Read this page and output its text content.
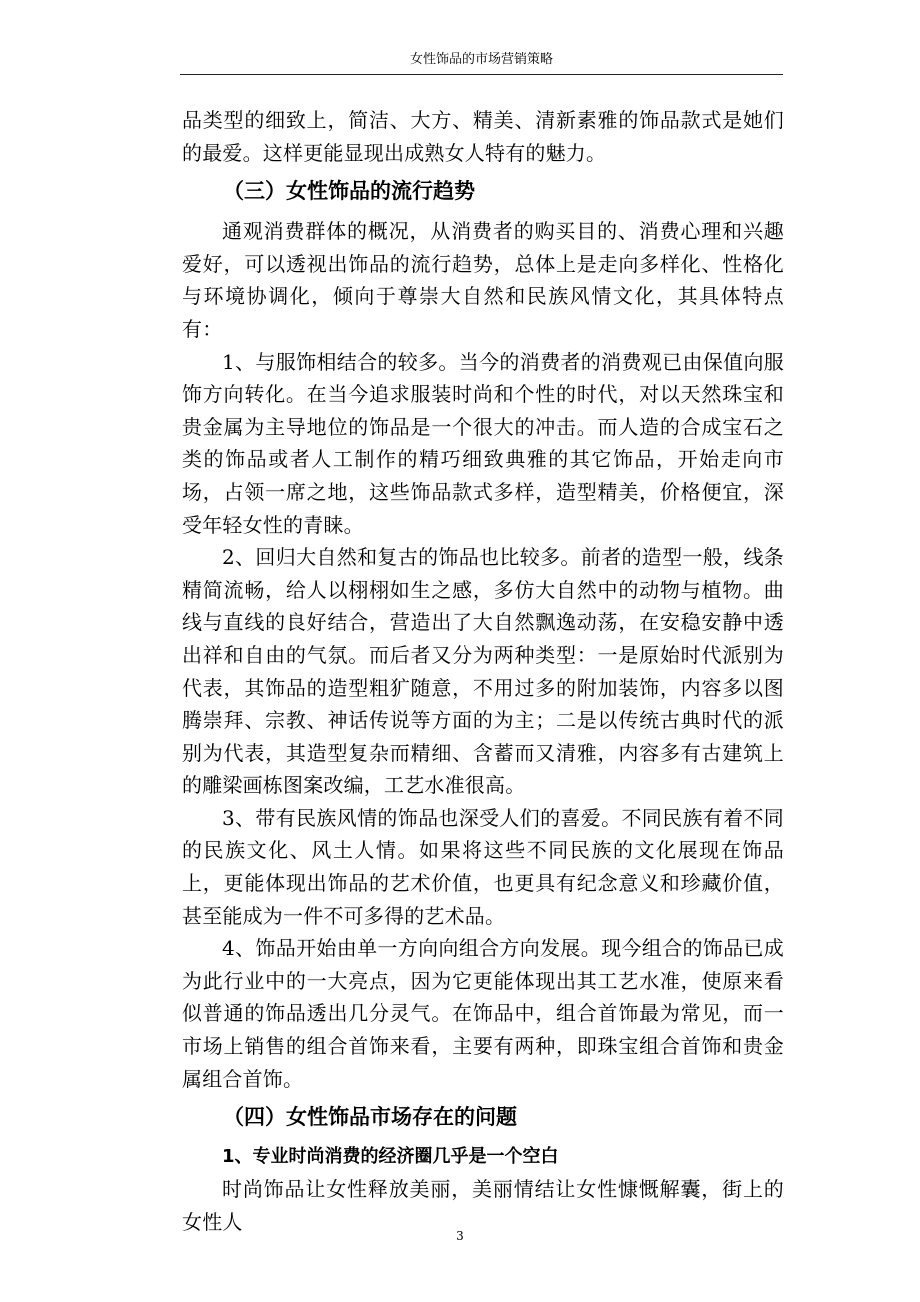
女性饰品的市场营销策略

品类型的细致上，简洁、大方、精美、清新素雅的饰品款式是她们的最爱。这样更能显现出成熟女人特有的魅力。

（三）女性饰品的流行趋势

通观消费群体的概况，从消费者的购买目的、消费心理和兴趣爱好，可以透视出饰品的流行趋势，总体上是走向多样化、性格化与环境协调化，倾向于尊崇大自然和民族风情文化，其具体特点有：

1、与服饰相结合的较多。当今的消费者的消费观已由保值向服饰方向转化。在当今追求服装时尚和个性的时代，对以天然珠宝和贵金属为主导地位的饰品是一个很大的冲击。而人造的合成宝石之类的饰品或者人工制作的精巧细致典雅的其它饰品，开始走向市场，占领一席之地，这些饰品款式多样，造型精美，价格便宜，深受年轻女性的青睐。

2、回归大自然和复古的饰品也比较多。前者的造型一般，线条精简流畅，给人以栩栩如生之感，多仿大自然中的动物与植物。曲线与直线的良好结合，营造出了大自然飘逸动荡，在安稳安静中透出祥和自由的气氛。而后者又分为两种类型：一是原始时代派别为代表，其饰品的造型粗犷随意，不用过多的附加装饰，内容多以图腾崇拜、宗教、神话传说等方面的为主；二是以传统古典时代的派别为代表，其造型复杂而精细、含蓄而又清雅，内容多有古建筑上的雕梁画栋图案改编，工艺水准很高。

3、带有民族风情的饰品也深受人们的喜爱。不同民族有着不同的民族文化、风土人情。如果将这些不同民族的文化展现在饰品上，更能体现出饰品的艺术价值，也更具有纪念意义和珍藏价值，甚至能成为一件不可多得的艺术品。

4、饰品开始由单一方向向组合方向发展。现今组合的饰品已成为此行业中的一大亮点，因为它更能体现出其工艺水准，使原来看似普通的饰品透出几分灵气。在饰品中，组合首饰最为常见，而一市场上销售的组合首饰来看，主要有两种，即珠宝组合首饰和贵金属组合首饰。

（四）女性饰品市场存在的问题
1、专业时尚消费的经济圈几乎是一个空白

时尚饰品让女性释放美丽，美丽情结让女性慷慨解囊，街上的女性人

3
